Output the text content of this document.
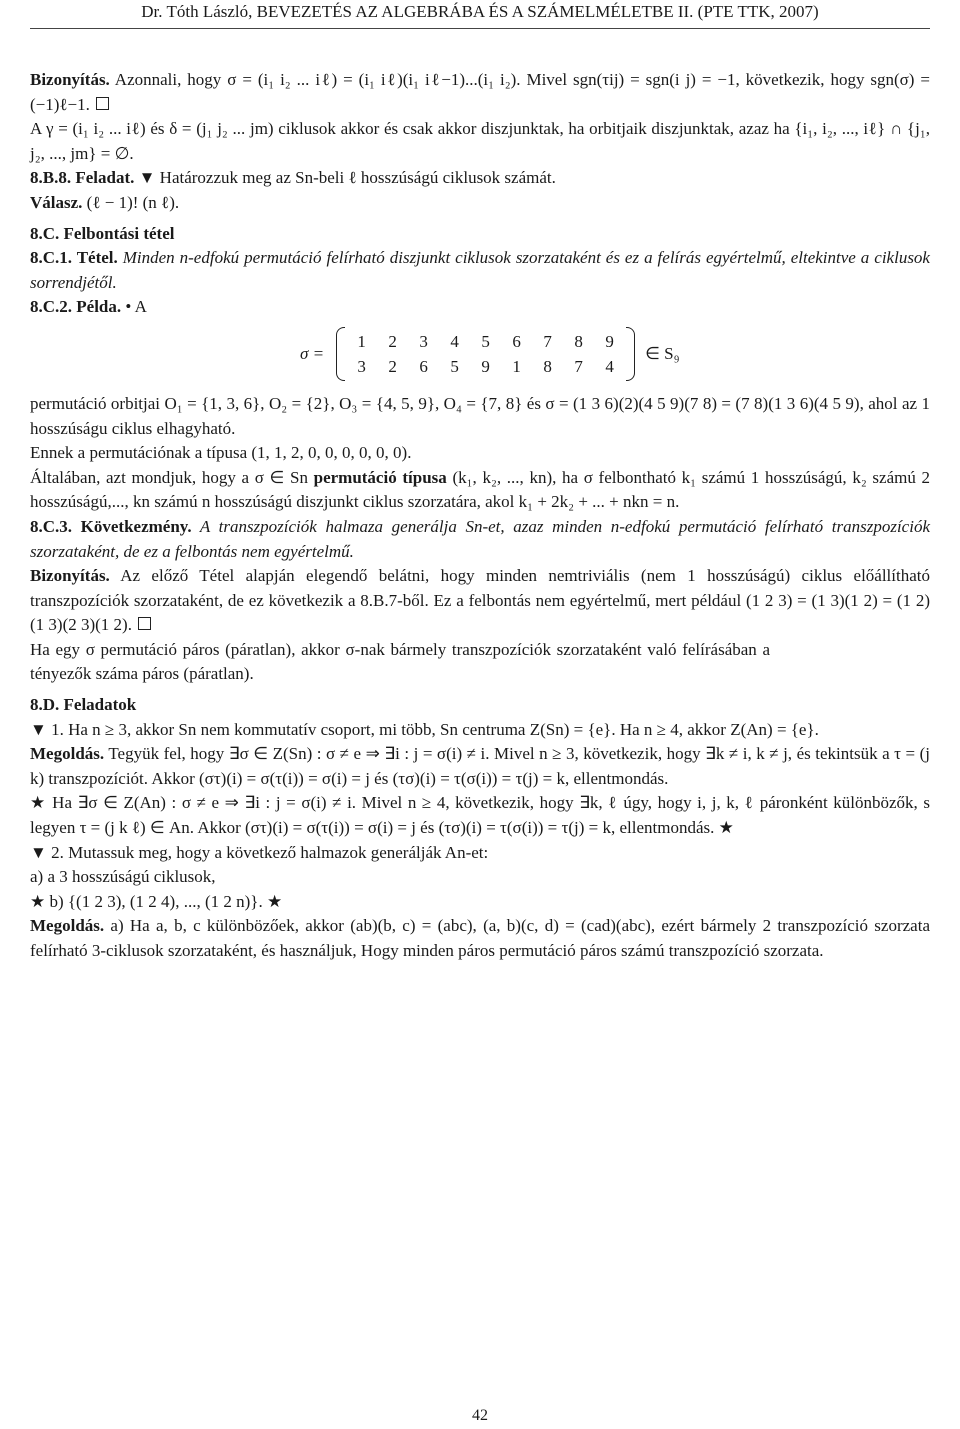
Dr. Tóth László, BEVEZETÉS AZ ALGEBRÁBA ÉS A SZÁMELMÉLETBE II. (PTE TTK, 2007)

Bizonyítás. Azonnali, hogy σ = (i₁ i₂ ... iℓ) = (i₁ iℓ)(i₁ iℓ−1)...(i₁ i₂). Mivel sgn(τij) = sgn(i j) = −1, következik, hogy sgn(σ) = (−1)ℓ−1.

A γ = (i₁ i₂ ... iℓ) és δ = (j₁ j₂ ... jm) ciklusok akkor és csak akkor diszjunktak, ha orbitjaik diszjunktak, azaz ha {i₁, i₂, ..., iℓ} ∩ {j₁, j₂, ..., jm} = ∅.

8.B.8. Feladat. ▼ Határozzuk meg az Sn-beli ℓ hosszúságú ciklusok számát.

Válasz. (ℓ − 1)! (n ℓ).

8.C. Felbontási tétel

8.C.1. Tétel. Minden n-edfokú permutáció felírható diszjunkt ciklusok szorzataként és ez a felírás egyértelmű, eltekintve a ciklusok sorrendjétől.

8.C.2. Példa. • A

σ =
1	2	3	4	5	6	7	8	9
3	2	6	5	9	1	8	7	4
∈ S₉

permutáció orbitjai O₁ = {1, 3, 6}, O₂ = {2}, O₃ = {4, 5, 9}, O₄ = {7, 8} és σ = (1 3 6)(2)(4 5 9)(7 8) = (7 8)(1 3 6)(4 5 9), ahol az 1 hosszúságu ciklus elhagyható.

Ennek a permutációnak a típusa (1, 1, 2, 0, 0, 0, 0, 0, 0).

Általában, azt mondjuk, hogy a σ ∈ Sn permutáció típusa (k₁, k₂, ..., kn), ha σ felbontható k₁ számú 1 hosszúságú, k₂ számú 2 hosszúságú,..., kn számú n hosszúságú diszjunkt ciklus szorzatára, akol k₁ + 2k₂ + ... + nkn = n.

8.C.3. Következmény. A transzpozíciók halmaza generálja Sn-et, azaz minden n-edfokú permutáció felírható transzpozíciók szorzataként, de ez a felbontás nem egyértelmű.

Bizonyítás. Az előző Tétel alapján elegendő belátni, hogy minden nemtriviális (nem 1 hosszúságú) ciklus előállítható transzpozíciók szorzataként, de ez következik a 8.B.7-ből. Ez a felbontás nem egyértelmű, mert például (1 2 3) = (1 3)(1 2) = (1 2)(1 3)(2 3)(1 2).

Ha egy σ permutáció páros (páratlan), akkor σ-nak bármely transzpozíciók szorzataként való felírásában a tényezők száma páros (páratlan).

8.D. Feladatok

▼ 1. Ha n ≥ 3, akkor Sn nem kommutatív csoport, mi több, Sn centruma Z(Sn) = {e}. Ha n ≥ 4, akkor Z(An) = {e}.

Megoldás. Tegyük fel, hogy ∃σ ∈ Z(Sn) : σ ≠ e ⇒ ∃i : j = σ(i) ≠ i. Mivel n ≥ 3, következik, hogy ∃k ≠ i, k ≠ j, és tekintsük a τ = (j k) transzpozíciót. Akkor (στ)(i) = σ(τ(i)) = σ(i) = j és (τσ)(i) = τ(σ(i)) = τ(j) = k, ellentmondás.

★ Ha ∃σ ∈ Z(An) : σ ≠ e ⇒ ∃i : j = σ(i) ≠ i. Mivel n ≥ 4, következik, hogy ∃k, ℓ úgy, hogy i, j, k, ℓ páronként különbözők, s legyen τ = (j k ℓ) ∈ An. Akkor (στ)(i) = σ(τ(i)) = σ(i) = j és (τσ)(i) = τ(σ(i)) = τ(j) = k, ellentmondás. ★

▼ 2. Mutassuk meg, hogy a következő halmazok generálják An-et:

a) a 3 hosszúságú ciklusok,

★ b) {(1 2 3), (1 2 4), ..., (1 2 n)}. ★

Megoldás. a) Ha a, b, c különbözőek, akkor (ab)(b, c) = (abc), (a, b)(c, d) = (cad)(abc), ezért bármely 2 transzpozíció szorzata felírható 3-ciklusok szorzataként, és használjuk, Hogy minden páros permutáció páros számú transzpozíció szorzata.

42
